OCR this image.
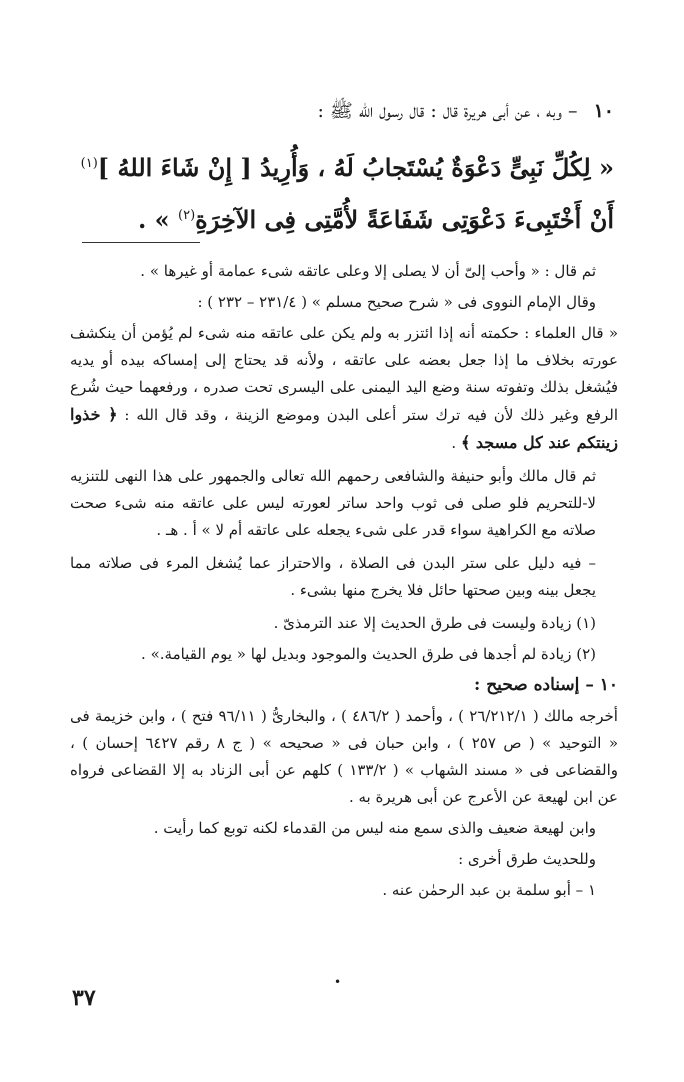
١٠ – وبه ، عن أبى هريرة قال : قال رسول الله ﷺ :
« لِكُلِّ نَبِىٍّ دَعْوَةٌ يُسْتَجابُ لَهُ ، وَأُرِيدُ [ إِنْ شَاءَ اللهُ ]$^{(١)}$ أَنْ أَخْتَبِىءَ دَعْوَتِى شَفَاعَةً لأُمَّتِى فِى الآخِرَةِ$^{(٢)}$ » .

ثم قال : « وأحب إلىّ أن لا يصلى إلا وعلى عاتقه شىء عمامة أو غيرها » .

وقال الإمام النووى فى « شرح صحيح مسلم » ( ٢٣١/٤ – ٢٣٢ ) :

« قال العلماء : حكمته أنه إذا ائتزر به ولم يكن على عاتقه منه شىء لم يُؤمن أن ينكشف عورته بخلاف ما إذا جعل بعضه على عاتقه ، ولأنه قد يحتاج إلى إمساكه بيده أو يديه فيُشغل بذلك وتفوته سنة وضع اليد اليمنى على اليسرى تحت صدره ، ورفعهما حيث شُرع الرفع وغير ذلك لأن فيه ترك ستر أعلى البدن وموضع الزينة ، وقد قال الله : ﴿ خذوا زينتكم عند كل مسجد ﴾ .

ثم قال مالك وأبو حنيفة والشافعى رحمهم الله تعالى والجمهور على هذا النهى للتنزيه لا-للتحريم فلو صلى فى ثوب واحد ساتر لعورته ليس على عاتقه منه شىء صحت صلاته مع الكراهية سواء قدر على شىء يجعله على عاتقه أم لا » أ . هـ .

– فيه دليل على ستر البدن فى الصلاة ، والاحتراز عما يُشغل المرء فى صلاته مما يجعل بينه وبين صحتها حائل فلا يخرج منها بشىء .

(١) زيادة وليست فى طرق الحديث إلا عند الترمذىّ .

(٢) زيادة لم أجدها فى طرق الحديث والموجود وبديل لها « يوم القيامة.» .

١٠ – إسناده صحيح :

أخرجه مالك ( ٢٦/٢١٢/١ ) ، وأحمد ( ٤٨٦/٢ ) ، والبخارىُّ ( ٩٦/١١ فتح ) ، وابن خزيمة فى « التوحيد » ( ص ٢٥٧ ) ، وابن حبان فى « صحيحه » ( ج ٨ رقم ٦٤٢٧ إحسان ) ، والقضاعى فى « مسند الشهاب » ( ١٣٣/٢ ) كلهم عن أبى الزناد به إلا القضاعى فرواه عن ابن لهيعة عن الأعرج عن أبى هريرة به .

وابن لهيعة ضعيف والذى سمع منه ليس من القدماء لكنه توبع كما رأيت .

وللحديث طرق أخرى :

١ – أبو سلمة بن عبد الرحمٰن عنه .

•
٣٧
